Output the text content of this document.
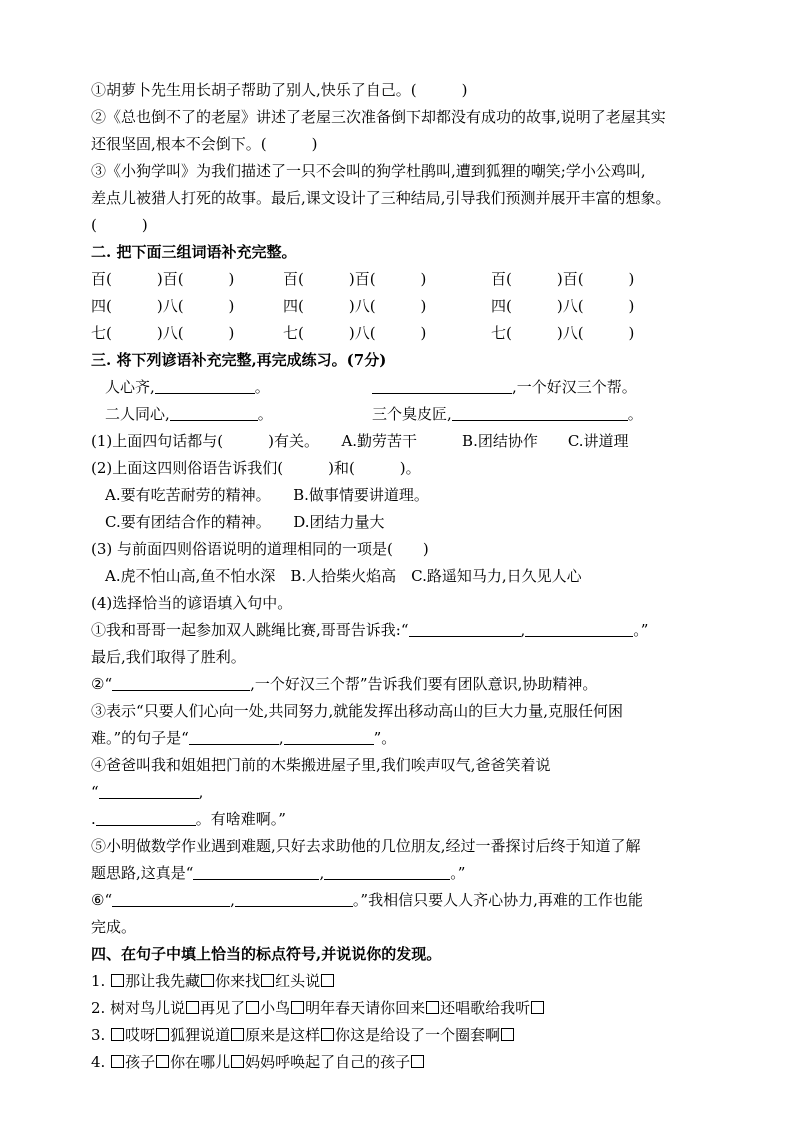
①胡萝卜先生用长胡子帮助了别人,快乐了自己。(　　　)
②《总也倒不了的老屋》讲述了老屋三次准备倒下却都没有成功的故事,说明了老屋其实
还很坚固,根本不会倒下。(　　　)
③《小狗学叫》为我们描述了一只不会叫的狗学杜鹃叫,遭到狐狸的嘲笑;学小公鸡叫,
差点儿被猎人打死的故事。最后,课文设计了三种结局,引导我们预测并展开丰富的想象。
(　　　)
二. 把下面三组词语补充完整。
百(　　　)百(　　　)	百(　　　)百(　　　)	百(　　　)百(　　　)
四(　　　)八(　　　)	四(　　　)八(　　　)	四(　　　)八(　　　)
七(　　　)八(　　　)	七(　　　)八(　　　)	七(　　　)八(　　　)
三. 将下列谚语补充完整,再完成练习。(7分)
人心齐,	。	,一个好汉三个帮。
二人同心,	。	三个臭皮匠,	。
(1)上面四句话都与(　　　)有关。　　A.勤劳苦干　　　B.团结协作　　C.讲道理
(2)上面这四则俗语告诉我们(　　　)和(　　　)。
A.要有吃苦耐劳的精神。　　B.做事情要讲道理。
C.要有团结合作的精神。　　D.团结力量大
(3) 与前面四则俗语说明的道理相同的一项是(　　)
A.虎不怕山高,鱼不怕水深　B.人拾柴火焰高　C.路遥知马力,日久见人心
(4)选择恰当的谚语填入句中。
①我和哥哥一起参加双人跳绳比赛,哥哥告诉我:“	,	。”
最后,我们取得了胜利。
②“	,一个好汉三个帮”告诉我们要有团队意识,协助精神。
③表示“只要人们心向一处,共同努力,就能发挥出移动高山的巨大力量,克服任何困
难。”的句子是“	,	”。
④爸爸叫我和姐姐把门前的木柴搬进屋子里,我们唉声叹气,爸爸笑着说
“	,
.	。有啥难啊。”
⑤小明做数学作业遇到难题,只好去求助他的几位朋友,经过一番探讨后终于知道了解
题思路,这真是“	,	。”
⑥“	,	。”我相信只要人人齐心协力,再难的工作也能
完成。
四、在句子中填上恰当的标点符号,并说说你的发现。
1. 那让我先藏 你来找 红头说
2. 树对鸟儿说 再见了 小鸟 明年春天请你回来 还唱歌给我听
3. 哎呀 狐狸说道 原来是这样 你这是给设了一个圈套啊
4. 孩子 你在哪儿 妈妈呼唤起了自己的孩子
